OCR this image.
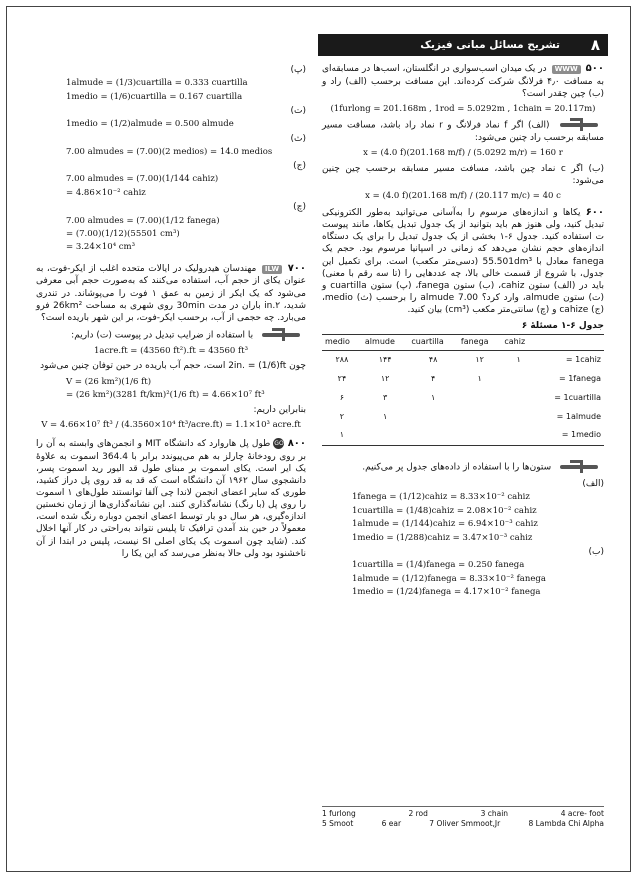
تشریح مسائل مبانی فیزیک ۸
۵۰۰ WWW در یک میدان اسب‌سواری در انگلستان، اسب‌ها در مسابقه‌ای به مسافت ۴٫۰ فرلانگ شرکت کرده‌اند. این مسافت برحسب (الف) راد و (ب) چین چقدر است؟
(1furlong = 201.168m , 1rod = 5.0292m , 1chain = 20.117m)
(الف) اگر f نماد فرلانگ و r نماد راد باشد، مسافت مسیر مسابقه برحسب راد چنین می‌شود:
x = (4.0 f)(201.168 m/f) / (5.0292 m/r) = 160 r
(ب) اگر c نماد چین باشد، مسافت مسیر مسابقه برحسب چین چنین می‌شود:
x = (4.0 f)(201.168 m/f) / (20.117 m/c) = 40 c
۶۰۰ یکاها و اندازه‌های مرسوم را به‌آسانی می‌توانید به‌طور الکترونیکی تبدیل کنید، ولی هنوز هم باید بتوانید از یک جدول تبدیل یکاها، مانند پیوست ت استفاده کنید. جدول ۶-۱ بخشی از یک جدول تبدیل را برای یک دستگاه اندازه‌های حجم نشان می‌دهد که زمانی در اسپانیا مرسوم بود. حجم یک fanega معادل با 55.501dm³ (دسی‌متر مکعب) است. برای تکمیل این جدول، با شروع از قسمت خالی بالا، چه عددهایی را (تا سه رقم با معنی) باید در (الف) ستون cahiz، (ب) ستون fanega، (پ) ستون cuartilla و (ت) ستون almude، وارد کرد؟ 7.00 almude را برحسب (ث) medio، (ج) cahize و (چ) سانتی‌متر مکعب (cm³) بیان کنید.
جدول ۶-۱ مسئلهٔ ۶
medio	almude	cuartilla	fanega	cahiz	
۲۸۸	۱۴۴	۴۸	۱۲	۱	= 1cahiz
۲۴	۱۲	۴	۱		= 1fanega
۶	۳	۱			= 1cuartilla
۲	۱				= 1almude
۱					= 1medio
ستون‌ها را با استفاده از داده‌های جدول پر می‌کنیم.
(الف)
1fanega = (1/12)cahiz = 8.33×10⁻² cahiz
1cuartilla = (1/48)cahiz = 2.08×10⁻² cahiz
1almude = (1/144)cahiz = 6.94×10⁻³ cahiz
1medio = (1/288)cahiz = 3.47×10⁻³ cahiz
(ب)
1cuartilla = (1/4)fanega = 0.250 fanega
1almude = (1/12)fanega = 8.33×10⁻² fanega
1medio = (1/24)fanega = 4.17×10⁻² fanega
(پ)
1almude = (1/3)cuartilla = 0.333 cuartilla
1medio = (1/6)cuartilla = 0.167 cuartilla
(ت)
1medio = (1/2)almude = 0.500 almude
(ث)
7.00 almudes = (7.00)(2 medios) = 14.0 medios
(ج)
7.00 almudes = (7.00)(1/144 cahiz)
= 4.86×10⁻² cahiz
(چ)
7.00 almudes = (7.00)(1/12 fanega)
= (7.00)(1/12)(55501 cm³)
= 3.24×10⁴ cm³
۷۰۰ ILW مهندسان هیدرولیک در ایالات متحده اغلب از ایکر-فوت، به عنوان یکای از حجم آب، استفاده می‌کنند که به‌صورت حجم آبی معرفی می‌شود که یک ایکر از زمین به عمق ۱ فوت را می‌پوشاند. در تندری شدید، ۲.in باران در مدت 30min روی شهری به مساحت 26km² فرو می‌بارد. چه حجمی از آب، برحسب ایکر-فوت، بر این شهر باریده است؟
با استفاده از ضرایب تبدیل در پیوست (ت) داریم:
1acre.ft = (43560 ft²).ft = 43560 ft³
چون 2in. = (1/6)ft است، حجم آب باریده در حین توفان چنین می‌شود
V = (26 km²)(1/6 ft)
= (26 km²)(3281 ft/km)²(1/6 ft) = 4.66×10⁷ ft³
بنابراین داریم:
V = 4.66×10⁷ ft³ / (4.3560×10⁴ ft³/acre.ft) = 1.1×10³ acre.ft
۸۰۰ GO طول پل هاروارد که دانشگاه MIT و انجمن‌های وابسته به آن را بر روی رودخانهٔ چارلز به هم می‌پیوندد برابر با 364.4 اسموت به علاوهٔ یک ایر است. یکای اسموت بر مبنای طول قد الیور رید اسموت پسر، دانشجوی سال ۱۹۶۲ آن دانشگاه است که قد به قد روی پل دراز کشید، طوری که سایر اعضای انجمن لاندا چی آلفا توانستند طول‌های ۱ اسموت را روی پل (با رنگ) نشانه‌گذاری کنند. این نشانه‌گذاری‌ها از زمان نخستین اندازه‌گیری، هر سال دو بار توسط اعضای انجمن دوباره رنگ شده است، معمولاً در حین بند آمدن ترافیک تا پلیس نتواند به‌راحتی در کار آنها اخلال کند. (شاید چون اسموت یک یکای اصلی SI نیست، پلیس در ابتدا از آن ناخشنود بود ولی حالا به‌نظر می‌رسد که این یکا را
1 furlong	2 rod	3 chain	4 acre- foot
5 Smoot	6 ear	7 Oliver Smmoot,Jr	8 Lambda Chi Alpha
